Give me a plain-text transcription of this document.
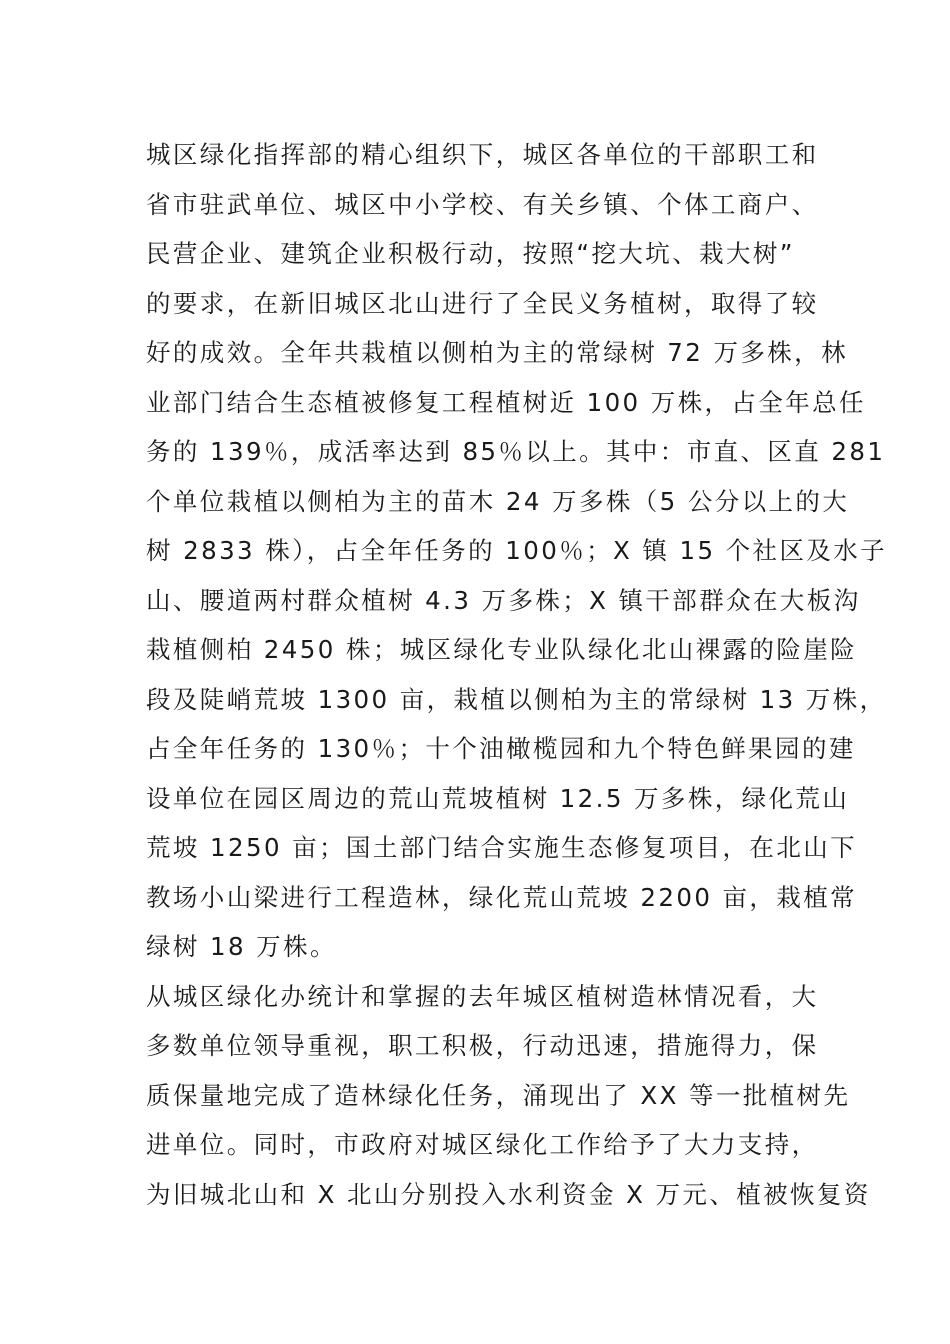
城区绿化指挥部的精心组织下，城区各单位的干部职工和
省市驻武单位、城区中小学校、有关乡镇、个体工商户、
民营企业、建筑企业积极行动，按照“挖大坑、栽大树”
的要求，在新旧城区北山进行了全民义务植树，取得了较
好的成效。全年共栽植以侧柏为主的常绿树 72 万多株，林
业部门结合生态植被修复工程植树近 100 万株，占全年总任
务的 139％，成活率达到 85％以上。其中：市直、区直 281
个单位栽植以侧柏为主的苗木 24 万多株（5 公分以上的大
树 2833 株），占全年任务的 100％；X 镇 15 个社区及水子
山、腰道两村群众植树 4.3 万多株；X 镇干部群众在大板沟
栽植侧柏 2450 株；城区绿化专业队绿化北山裸露的险崖险
段及陡峭荒坡 1300 亩，栽植以侧柏为主的常绿树 13 万株，
占全年任务的 130％；十个油橄榄园和九个特色鲜果园的建
设单位在园区周边的荒山荒坡植树 12.5 万多株，绿化荒山
荒坡 1250 亩；国土部门结合实施生态修复项目，在北山下
教场小山梁进行工程造林，绿化荒山荒坡 2200 亩，栽植常
绿树 18 万株。
从城区绿化办统计和掌握的去年城区植树造林情况看，大
多数单位领导重视，职工积极，行动迅速，措施得力，保
质保量地完成了造林绿化任务，涌现出了 XX 等一批植树先
进单位。同时，市政府对城区绿化工作给予了大力支持，
为旧城北山和 X 北山分别投入水利资金 X 万元、植被恢复资
